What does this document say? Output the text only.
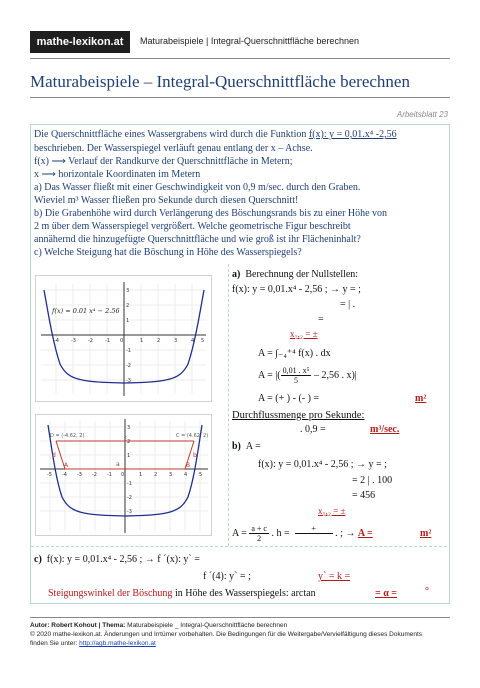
mathe-lexikon.at	Maturabeispiele | Integral-Querschnittfläche berechnen
Maturabeispiele – Integral-Querschnittfläche berechnen
Arbeitsblatt 23
Die Querschnittfläche eines Wassergrabens wird durch die Funktion f(x): y = 0,01.x⁴ -2,56
beschrieben. Der Wasserspiegel verläuft genau entlang der x – Achse.
f(x) ⟶ Verlauf der Randkurve der Querschnittfläche in Metern;
x ⟶ horizontale Koordinaten im Metern
a) Das Wasser fließt mit einer Geschwindigkeit von 0,9 m/sec. durch den Graben.
Wieviel m³ Wasser fließen pro Sekunde durch diesen Querschnitt!
b) Die Grabenhöhe wird durch Verlängerung des Böschungsrands bis zu einer Höhe von
2 m über dem Wasserspiegel vergrößert. Welche geometrische Figur beschreibt
annähernd die hinzugefügte Querschnittfläche und wie groß ist ihr Flächeninhalt?
c) Welche Steigung hat die Böschung in Höhe des Wasserspiegels?
-4 -3 -2 -1 0	1	2	3	4 5
3
2
1
-1
-2
-3
f(x) = 0.01 x⁴ − 2.56
-5 -4 -3 -2 -1 0	1 2 3 4 5
3
2
1
-1
-2
-3
D = (-4.62, 2)	C = (4.62, 2)
c
A	B
d	b
a
a) Berechnung der Nullstellen:
f(x): y = 0,01.x⁴ - 2,56 ; → y = ;
= | .
=
x₁,₂ = ±
A = ∫₋₄⁺⁴ f(x) . dx
A = |( $\frac{\text{0,01 . x⁵}}{5} - 2,56$ . x)|
A = (+ ) - (- ) =	m²
Durchflussmenge pro Sekunde:
. 0,9 =	m³/sec.
b) A =
f(x): y = 0,01.x⁴ - 2,56 ; → y = ;
= 2 | . 100
= 456
x₁,₂ = ±
$A = \frac{a + c}{2}$ . h =	+
	. ; → A =	m²
c) f(x): y = 0,01.x⁴ - 2,56 ; → f ´(x): y` =
f ´(4): y` = ;	y` = k =
Steigungswinkel der Böschung in Höhe des Wasserspiegels: arctan	= α =	°
Autor: Robert Kohout | Thema: Maturabeispiele _ Integral-Querschnittfläche berechnen
© 2020 mathe-lexikon.at. Änderungen und Irrtümer vorbehalten. Die Bedingungen für die Weitergabe/Vervielfältigung dieses Dokuments
finden Sie unter: http://agb.mathe-lexikon.at
